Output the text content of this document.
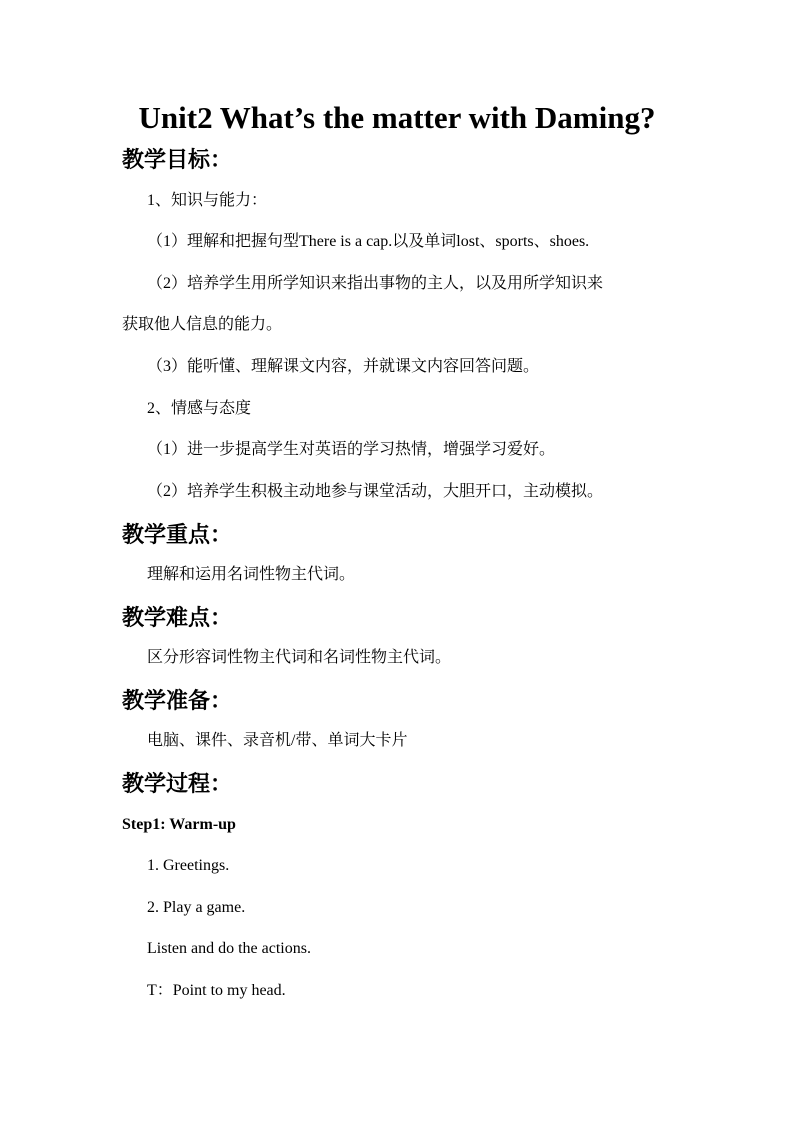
Unit2 What’s the matter with Daming?
教学目标：
1、知识与能力：
（1）理解和把握句型There is a cap.以及单词lost、sports、shoes.
（2）培养学生用所学知识来指出事物的主人，以及用所学知识来
获取他人信息的能力。
（3）能听懂、理解课文内容，并就课文内容回答问题。
2、情感与态度
（1）进一步提高学生对英语的学习热情，增强学习爱好。
（2）培养学生积极主动地参与课堂活动，大胆开口，主动模拟。
教学重点：
理解和运用名词性物主代词。
教学难点：
区分形容词性物主代词和名词性物主代词。
教学准备：
电脑、课件、录音机/带、单词大卡片
教学过程：
Step1: Warm-up
1. Greetings.
2. Play a game.
Listen and do the actions.
T：Point to my head.
